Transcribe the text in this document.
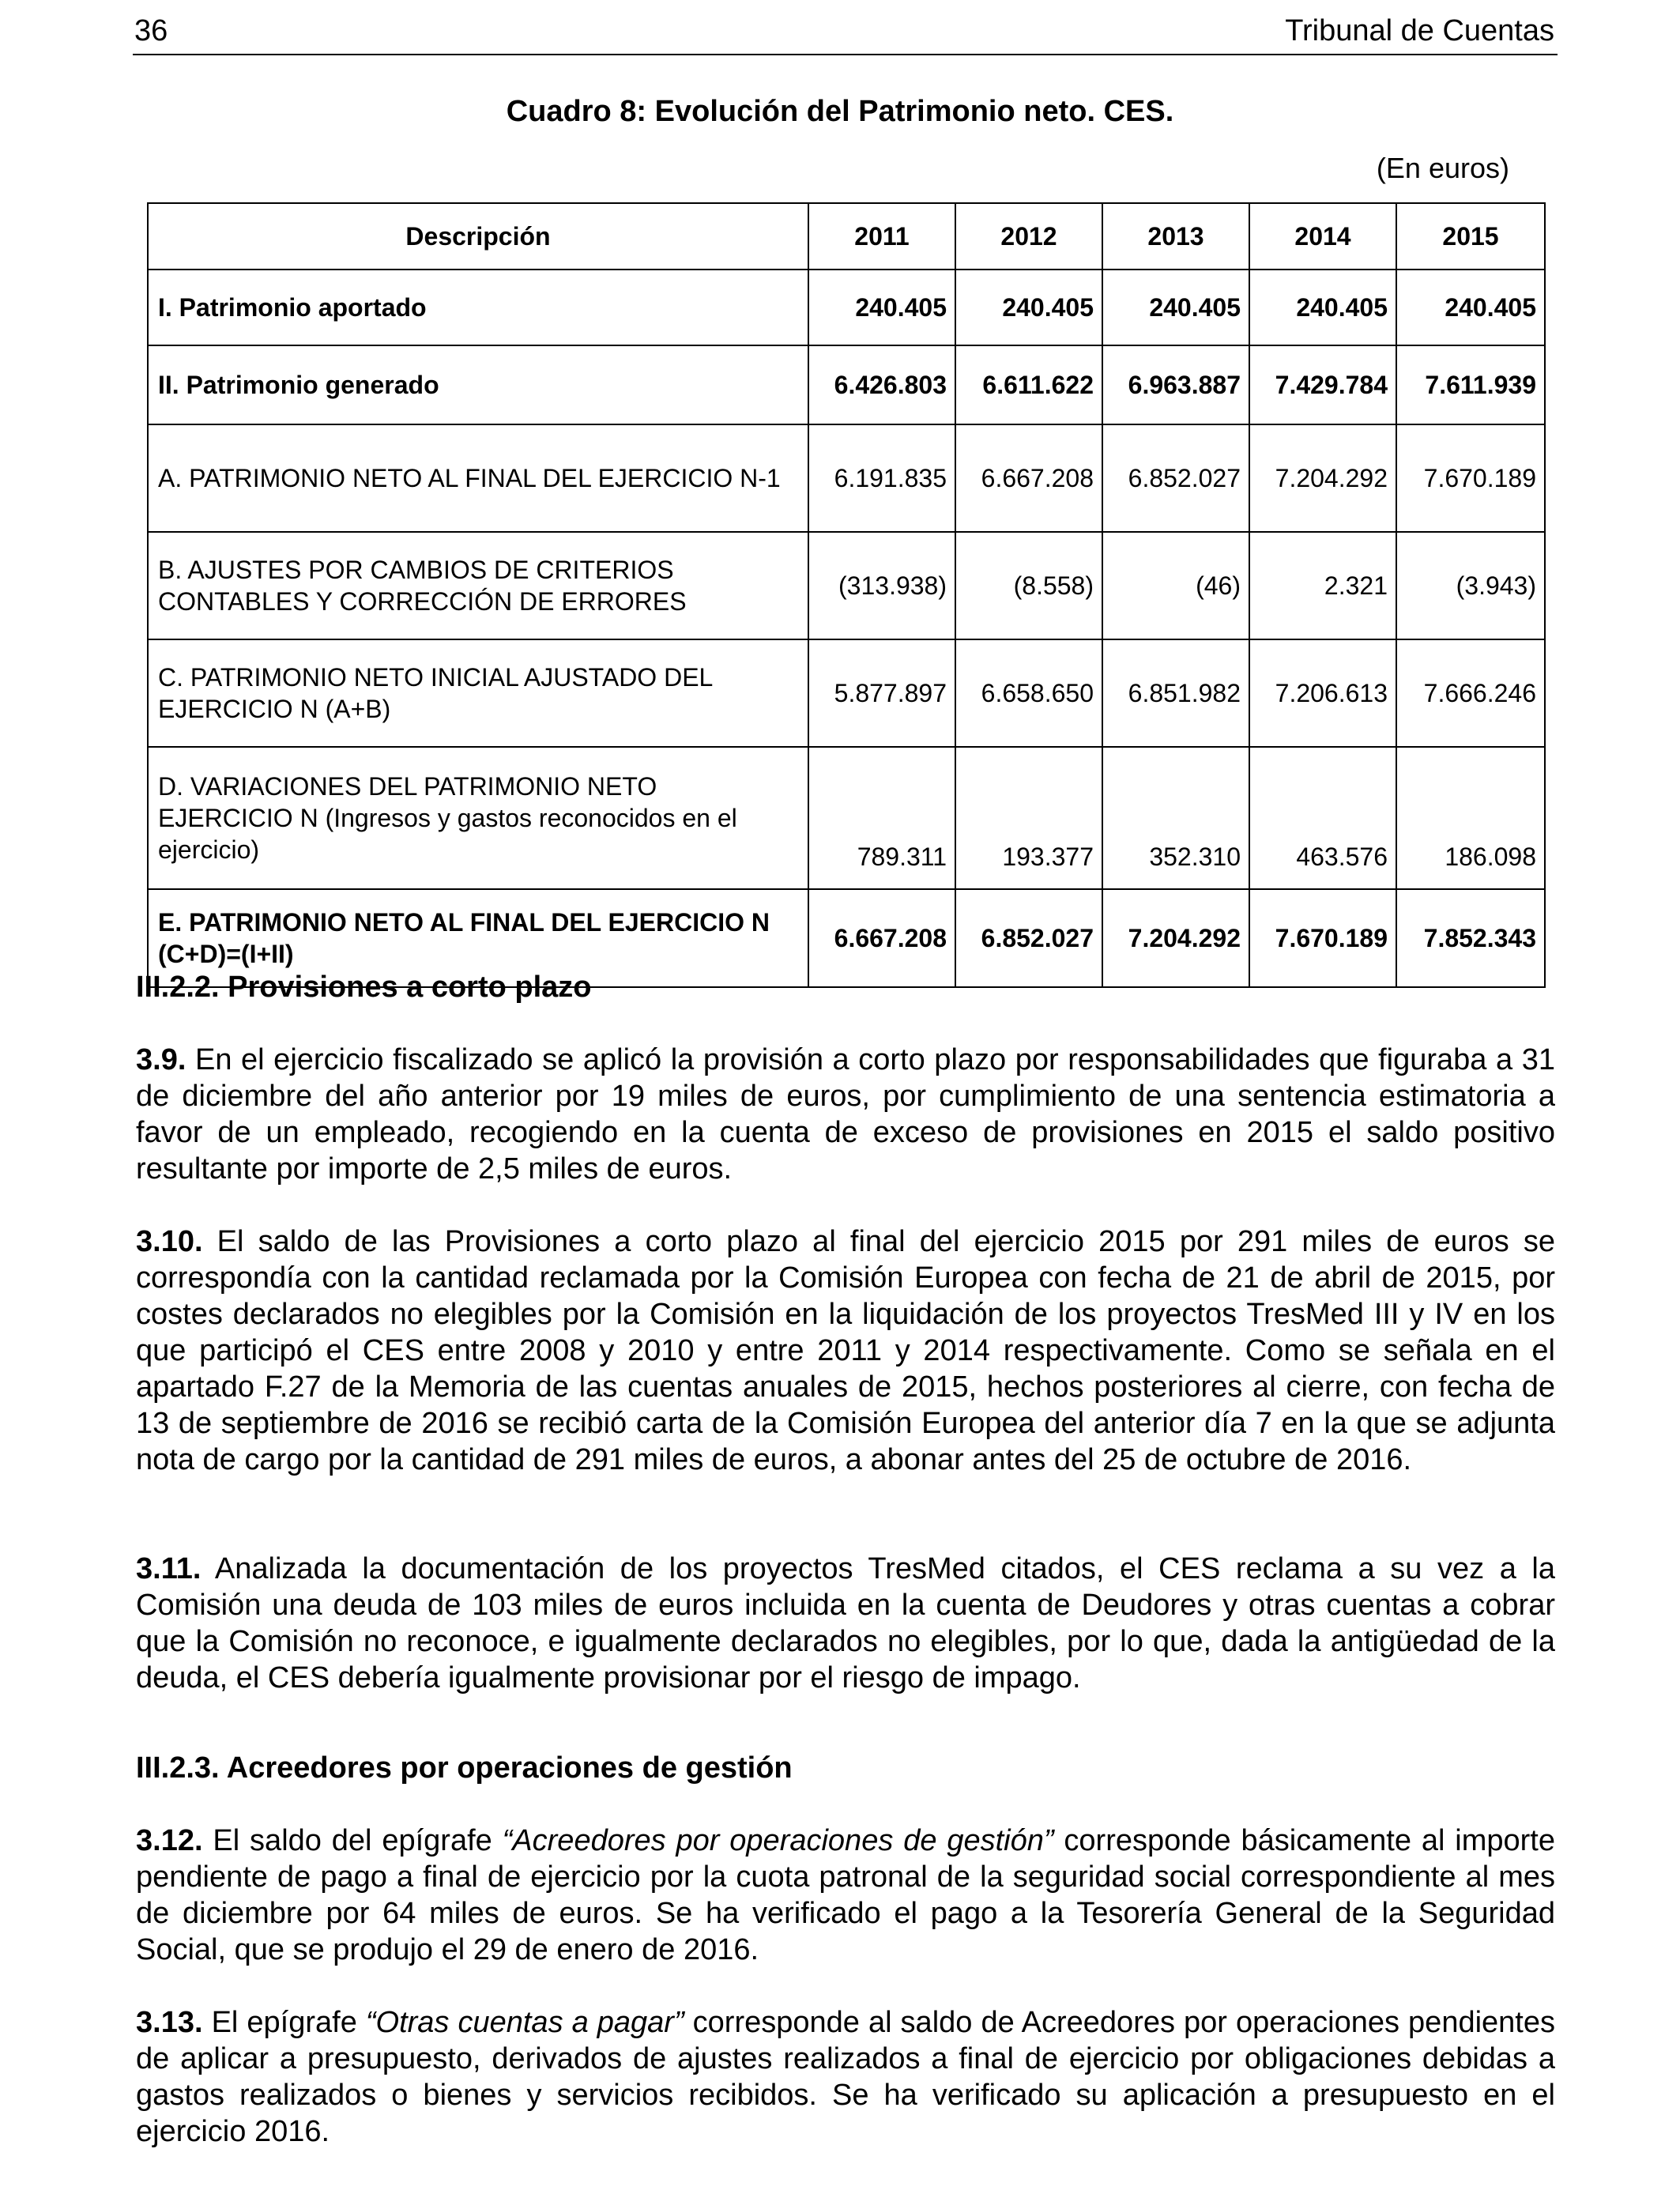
36	Tribunal de Cuentas
Cuadro 8: Evolución del Patrimonio neto. CES.
(En euros)
Descripción	2011	2012	2013	2014	2015
I. Patrimonio aportado	240.405	240.405	240.405	240.405	240.405
II. Patrimonio generado	6.426.803	6.611.622	6.963.887	7.429.784	7.611.939
A. PATRIMONIO NETO AL FINAL DEL EJERCICIO N-1	6.191.835	6.667.208	6.852.027	7.204.292	7.670.189
B. AJUSTES POR CAMBIOS DE CRITERIOS CONTABLES Y CORRECCIÓN DE ERRORES	(313.938)	(8.558)	(46)	2.321	(3.943)
C. PATRIMONIO NETO INICIAL AJUSTADO DEL EJERCICIO N (A+B)	5.877.897	6.658.650	6.851.982	7.206.613	7.666.246
D. VARIACIONES DEL PATRIMONIO NETO EJERCICIO N (Ingresos y gastos reconocidos en el ejercicio)	789.311	193.377	352.310	463.576	186.098
E. PATRIMONIO NETO AL FINAL DEL EJERCICIO N (C+D)=(I+II)	6.667.208	6.852.027	7.204.292	7.670.189	7.852.343
III.2.2. Provisiones a corto plazo

3.9. En el ejercicio fiscalizado se aplicó la provisión a corto plazo por responsabilidades que figuraba a 31 de diciembre del año anterior por 19 miles de euros, por cumplimiento de una sentencia estimatoria a favor de un empleado, recogiendo en la cuenta de exceso de provisiones en 2015 el saldo positivo resultante por importe de 2,5 miles de euros.

3.10. El saldo de las Provisiones a corto plazo al final del ejercicio 2015 por 291 miles de euros se correspondía con la cantidad reclamada por la Comisión Europea con fecha de 21 de abril de 2015, por costes declarados no elegibles por la Comisión en la liquidación de los proyectos TresMed III y IV en los que participó el CES entre 2008 y 2010 y entre 2011 y 2014 respectivamente. Como se señala en el apartado F.27 de la Memoria de las cuentas anuales de 2015, hechos posteriores al cierre, con fecha de 13 de septiembre de 2016 se recibió carta de la Comisión Europea del anterior día 7 en la que se adjunta nota de cargo por la cantidad de 291 miles de euros, a abonar antes del 25 de octubre de 2016.

3.11. Analizada la documentación de los proyectos TresMed citados, el CES reclama a su vez a la Comisión una deuda de 103 miles de euros incluida en la cuenta de Deudores y otras cuentas a cobrar que la Comisión no reconoce, e igualmente declarados no elegibles, por lo que, dada la antigüedad de la deuda, el CES debería igualmente provisionar por el riesgo de impago.

III.2.3. Acreedores por operaciones de gestión

3.12. El saldo del epígrafe “Acreedores por operaciones de gestión” corresponde básicamente al importe pendiente de pago a final de ejercicio por la cuota patronal de la seguridad social correspondiente al mes de diciembre por 64 miles de euros. Se ha verificado el pago a la Tesorería General de la Seguridad Social, que se produjo el 29 de enero de 2016.

3.13. El epígrafe “Otras cuentas a pagar” corresponde al saldo de Acreedores por operaciones pendientes de aplicar a presupuesto, derivados de ajustes realizados a final de ejercicio por obligaciones debidas a gastos realizados o bienes y servicios recibidos. Se ha verificado su aplicación a presupuesto en el ejercicio 2016.
